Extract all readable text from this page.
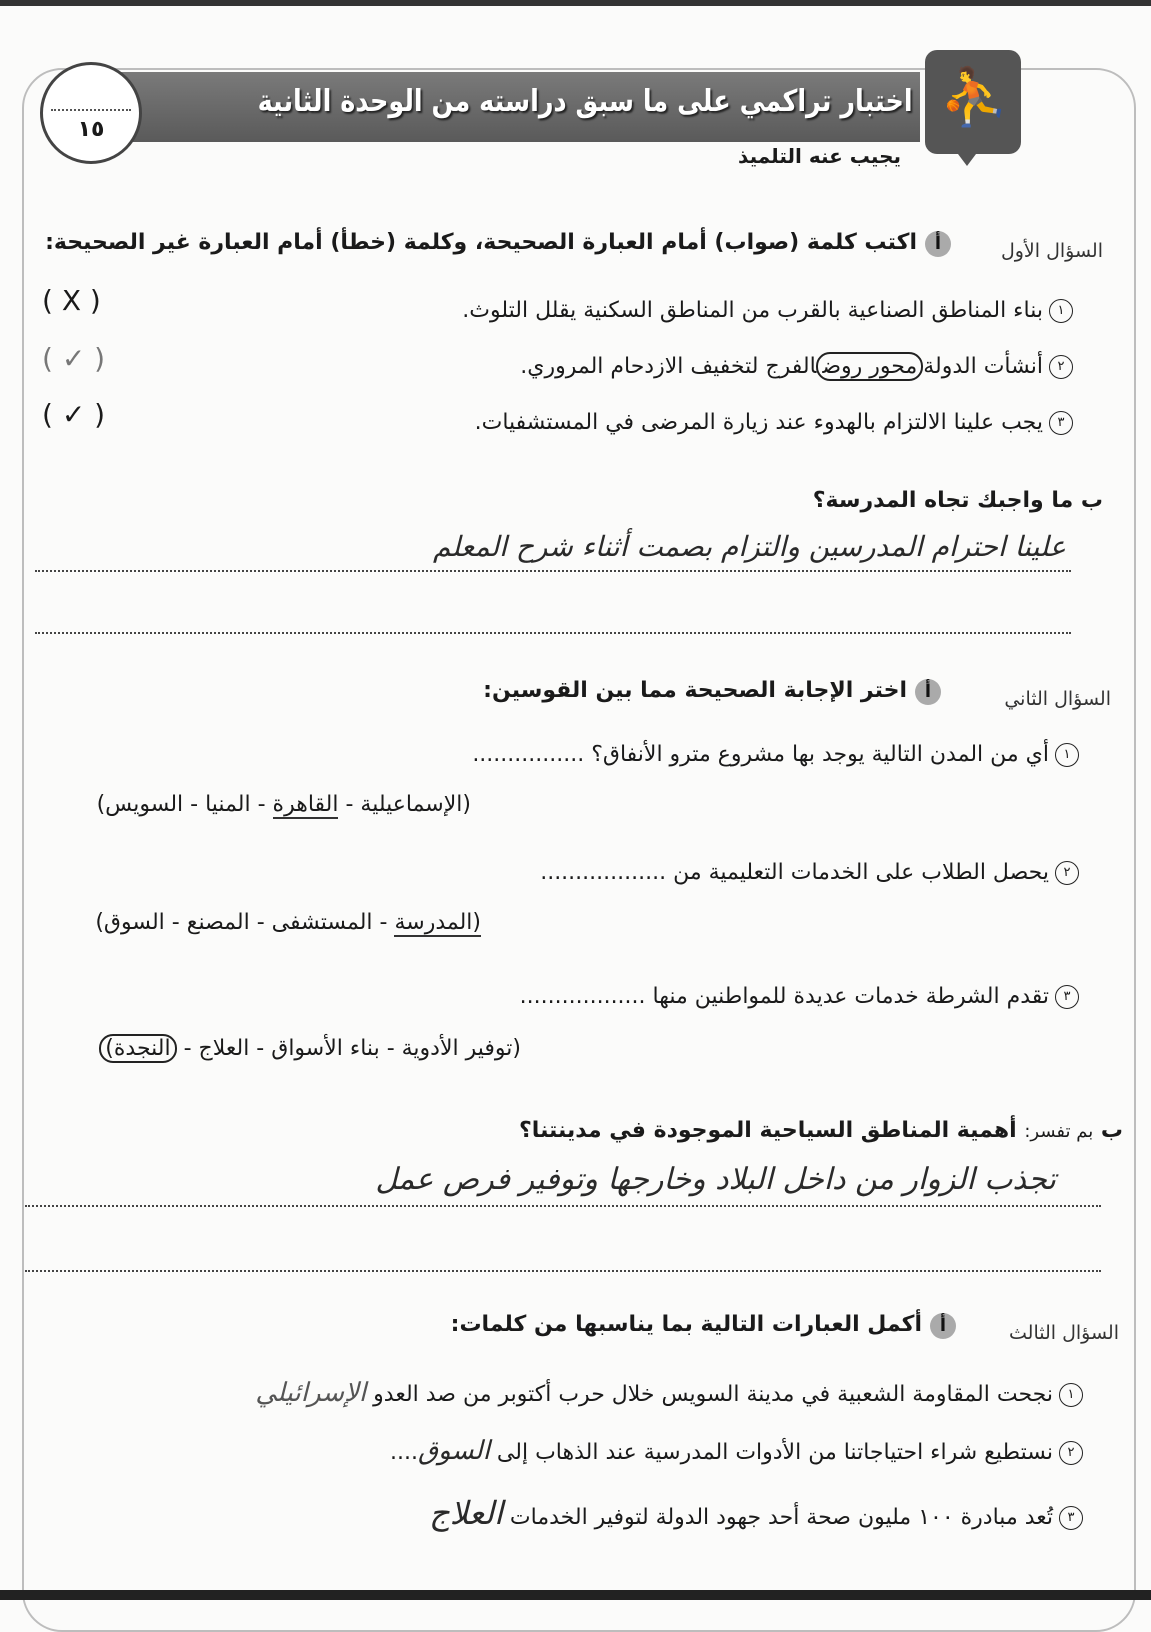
١٥
اختبار تراكمي على ما سبق دراسته من الوحدة الثانية ⛹
يجيب عنه التلميذ
السؤال الأول
أاكتب كلمة (صواب) أمام العبارة الصحيحة، وكلمة (خطأ) أمام العبارة غير الصحيحة:
١بناء المناطق الصناعية بالقرب من المناطق السكنية يقلل التلوث.
( X )
٢أنشأت الدولةمحور روضالفرج لتخفيف الازدحام المروري.
( ✓ )
٣يجب علينا الالتزام بالهدوء عند زيارة المرضى في المستشفيات.
( ✓ )
ب ما واجبك تجاه المدرسة؟
علينا احترام المدرسين والتزام بصمت أثناء شرح المعلم
السؤال الثاني
أاختر الإجابة الصحيحة مما بين القوسين:
١أي من المدن التالية يوجد بها مشروع مترو الأنفاق؟ ................
(الإسماعيلية - القاهرة - المنيا - السويس)
٢يحصل الطلاب على الخدمات التعليمية من ..................
(المدرسة - المستشفى - المصنع - السوق)
٣تقدم الشرطة خدمات عديدة للمواطنين منها ..................
(توفير الأدوية - بناء الأسواق - العلاج - النجدة)
ب بم تفسر: أهمية المناطق السياحية الموجودة في مدينتنا؟
تجذب الزوار من داخل البلاد وخارجها وتوفير فرص عمل
السؤال الثالث
أأكمل العبارات التالية بما يناسبها من كلمات:
١نجحت المقاومة الشعبية في مدينة السويس خلال حرب أكتوبر من صد العدو الإسرائيلي
٢نستطيع شراء احتياجاتنا من الأدوات المدرسية عند الذهاب إلى السوق....
٣تُعد مبادرة ١٠٠ مليون صحة أحد جهود الدولة لتوفير الخدمات العلاج
